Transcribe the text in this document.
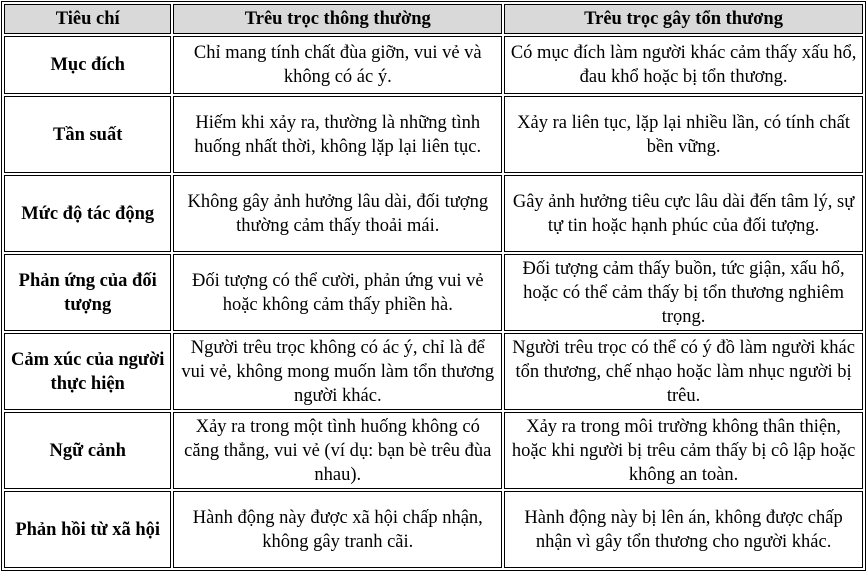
Tiêu chí	Trêu trọc thông thường	Trêu trọc gây tổn thương
Mục đích	Chỉ mang tính chất đùa giỡn, vui vẻ và không có ác ý.	Có mục đích làm người khác cảm thấy xấu hổ, đau khổ hoặc bị tổn thương.
Tần suất	Hiếm khi xảy ra, thường là những tình huống nhất thời, không lặp lại liên tục.	Xảy ra liên tục, lặp lại nhiều lần, có tính chất bền vững.
Mức độ tác động	Không gây ảnh hưởng lâu dài, đối tượng thường cảm thấy thoải mái.	Gây ảnh hưởng tiêu cực lâu dài đến tâm lý, sự tự tin hoặc hạnh phúc của đối tượng.
Phản ứng của đối tượng	Đối tượng có thể cười, phản ứng vui vẻ hoặc không cảm thấy phiền hà.	Đối tượng cảm thấy buồn, tức giận, xấu hổ, hoặc có thể cảm thấy bị tổn thương nghiêm trọng.
Cảm xúc của người thực hiện	Người trêu trọc không có ác ý, chỉ là để vui vẻ, không mong muốn làm tổn thương người khác.	Người trêu trọc có thể có ý đồ làm người khác tổn thương, chế nhạo hoặc làm nhục người bị trêu.
Ngữ cảnh	Xảy ra trong một tình huống không có căng thẳng, vui vẻ (ví dụ: bạn bè trêu đùa nhau).	Xảy ra trong môi trường không thân thiện, hoặc khi người bị trêu cảm thấy bị cô lập hoặc không an toàn.
Phản hồi từ xã hội	Hành động này được xã hội chấp nhận, không gây tranh cãi.	Hành động này bị lên án, không được chấp nhận vì gây tổn thương cho người khác.
